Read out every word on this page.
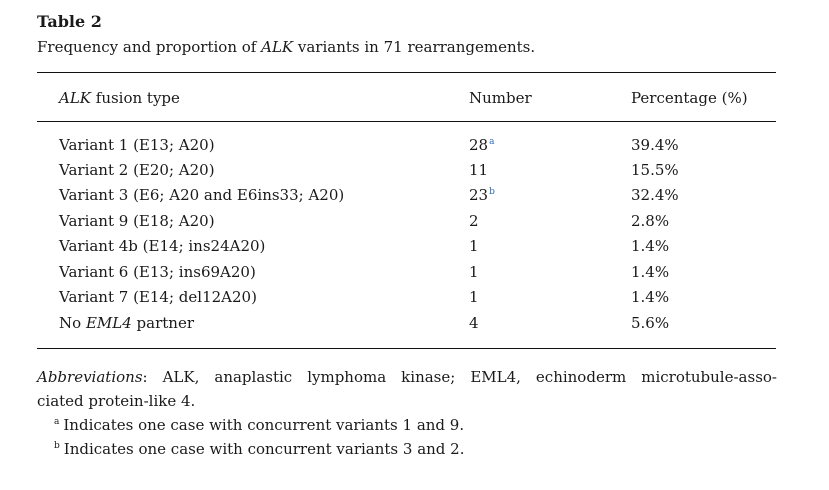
Table 2
Frequency and proportion of ALK variants in 71 rearrangements.
ALK fusion type	Number	Percentage (%)
Variant 1 (E13; A20)	28$^a$	39.4%
Variant 2 (E20; A20)	11	15.5%
Variant 3 (E6; A20 and E6ins33; A20)	23$^b$	32.4%
Variant 9 (E18; A20)	2	2.8%
Variant 4b (E14; ins24A20)	1	1.4%
Variant 6 (E13; ins69A20)	1	1.4%
Variant 7 (E14; del12A20)	1	1.4%
No EML4 partner	4	5.6%
Abbreviations: ALK, anaplastic lymphoma kinase; EML4, echinoderm microtubule-asso-
ciated protein-like 4.
$^a$ Indicates one case with concurrent variants 1 and 9.
$^b$ Indicates one case with concurrent variants 3 and 2.
